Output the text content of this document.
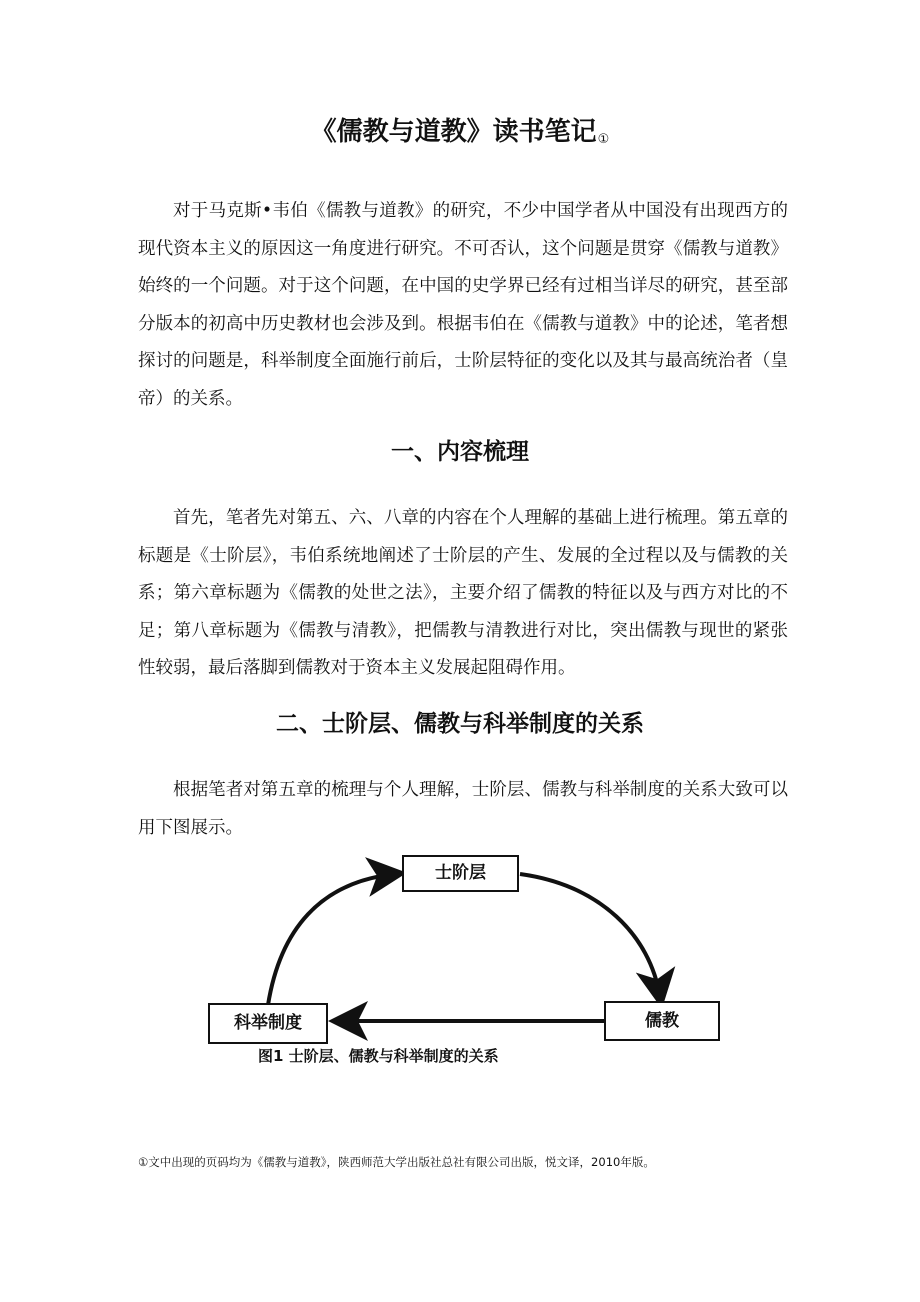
《儒教与道教》读书笔记①

对于马克斯•韦伯《儒教与道教》的研究，不少中国学者从中国没有出现西方的现代资本主义的原因这一角度进行研究。不可否认，这个问题是贯穿《儒教与道教》始终的一个问题。对于这个问题，在中国的史学界已经有过相当详尽的研究，甚至部分版本的初高中历史教材也会涉及到。根据韦伯在《儒教与道教》中的论述，笔者想探讨的问题是，科举制度全面施行前后，士阶层特征的变化以及其与最高统治者（皇帝）的关系。

一、内容梳理

首先，笔者先对第五、六、八章的内容在个人理解的基础上进行梳理。第五章的标题是《士阶层》，韦伯系统地阐述了士阶层的产生、发展的全过程以及与儒教的关系；第六章标题为《儒教的处世之法》，主要介绍了儒教的特征以及与西方对比的不足；第八章标题为《儒教与清教》，把儒教与清教进行对比，突出儒教与现世的紧张性较弱，最后落脚到儒教对于资本主义发展起阻碍作用。

二、士阶层、儒教与科举制度的关系

根据笔者对第五章的梳理与个人理解，士阶层、儒教与科举制度的关系大致可以用下图展示。

士阶层
儒教
科举制度

图1 士阶层、儒教与科举制度的关系

①文中出现的页码均为《儒教与道教》，陕西师范大学出版社总社有限公司出版，悦文译，2010年版。
